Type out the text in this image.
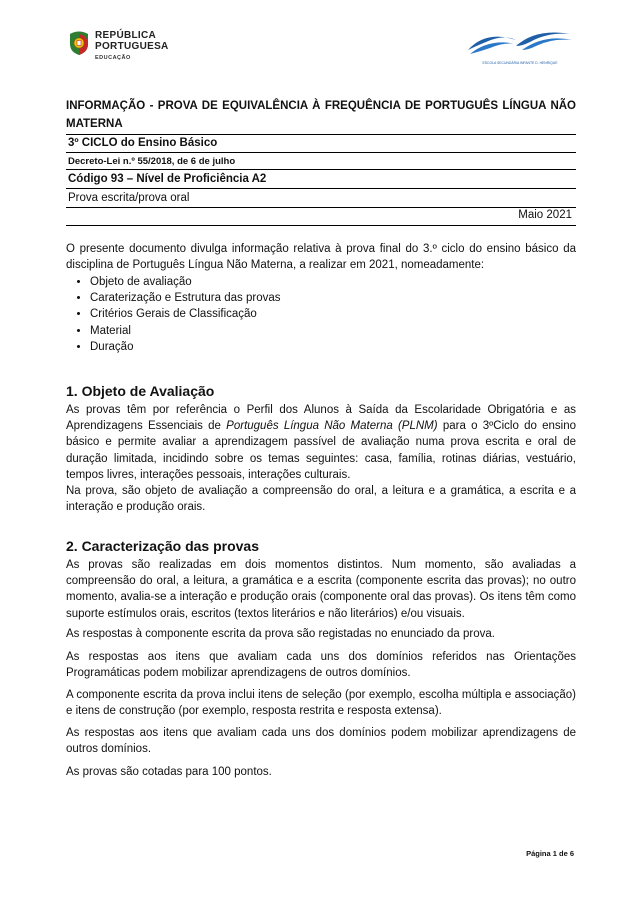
REPÚBLICA
PORTUGUESA
EDUCAÇÃO
ESCOLA SECUNDÁRIA INFANTE D. HENRIQUE
INFORMAÇÃO - PROVA DE EQUIVALÊNCIA À FREQUÊNCIA DE PORTUGUÊS LÍNGUA NÃO MATERNA
3º CICLO do Ensino Básico
Decreto-Lei n.º 55/2018, de 6 de julho
Código 93 – Nível de Proficiência A2
Prova escrita/prova oral
Maio 2021
O presente documento divulga informação relativa à prova final do 3.º ciclo do ensino básico da disciplina de Português Língua Não Materna, a realizar em 2021, nomeadamente:
• Objeto de avaliação
• Caraterização e Estrutura das provas
• Critérios Gerais de Classificação
• Material
• Duração
1. Objeto de Avaliação
As provas têm por referência o Perfil dos Alunos à Saída da Escolaridade Obrigatória e as Aprendizagens Essenciais de Português Língua Não Materna (PLNM) para o 3ºCiclo do ensino básico e permite avaliar a aprendizagem passível de avaliação numa prova escrita e oral de duração limitada, incidindo sobre os temas seguintes: casa, família, rotinas diárias, vestuário, tempos livres, interações pessoais, interações culturais.
Na prova, são objeto de avaliação a compreensão do oral, a leitura e a gramática, a escrita e a interação e produção orais.
2. Caracterização das provas
As provas são realizadas em dois momentos distintos. Num momento, são avaliadas a compreensão do oral, a leitura, a gramática e a escrita (componente escrita das provas); no outro momento, avalia-se a interação e produção orais (componente oral das provas). Os itens têm como suporte estímulos orais, escritos (textos literários e não literários) e/ou visuais.
As respostas à componente escrita da prova são registadas no enunciado da prova.
As respostas aos itens que avaliam cada uns dos domínios referidos nas Orientações Programáticas podem mobilizar aprendizagens de outros domínios.
A componente escrita da prova inclui itens de seleção (por exemplo, escolha múltipla e associação) e itens de construção (por exemplo, resposta restrita e resposta extensa).
As respostas aos itens que avaliam cada uns dos domínios podem mobilizar aprendizagens de outros domínios.
As provas são cotadas para 100 pontos.
Página 1 de 6
